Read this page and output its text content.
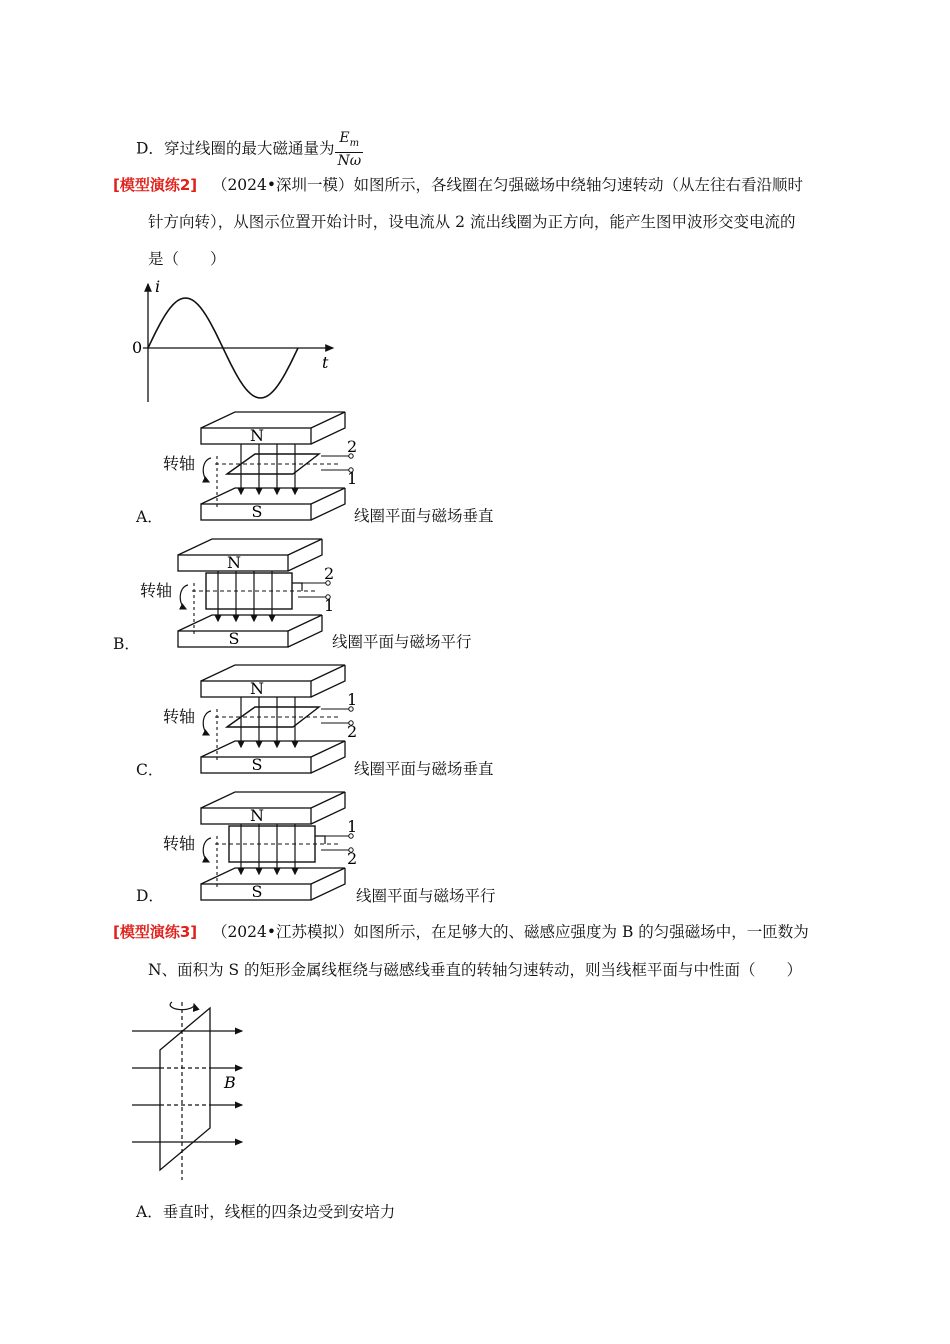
D．穿过线圈的最大磁通量为 $\frac{E_m}{N\omega}$
[模型演练2] （2024•深圳一模）如图所示，各线圈在匀强磁场中绕轴匀速转动（从左往右看沿顺时
针方向转），从图示位置开始计时，设电流从 2 流出线圈为正方向，能产生图甲波形交变电流的
是（　　）
i
t
0
N
S
转轴
2
1
N
S
转轴
2
1
N
S
转轴
1
2
N
S
转轴
1
2
A．	线圈平面与磁场垂直
B．	线圈平面与磁场平行
C．	线圈平面与磁场垂直
D．	线圈平面与磁场平行
[模型演练3] （2024•江苏模拟）如图所示，在足够大的、磁感应强度为 B 的匀强磁场中，一匝数为
N、面积为 S 的矩形金属线框绕与磁感线垂直的转轴匀速转动，则当线框平面与中性面（　　）
B
A．垂直时，线框的四条边受到安培力
